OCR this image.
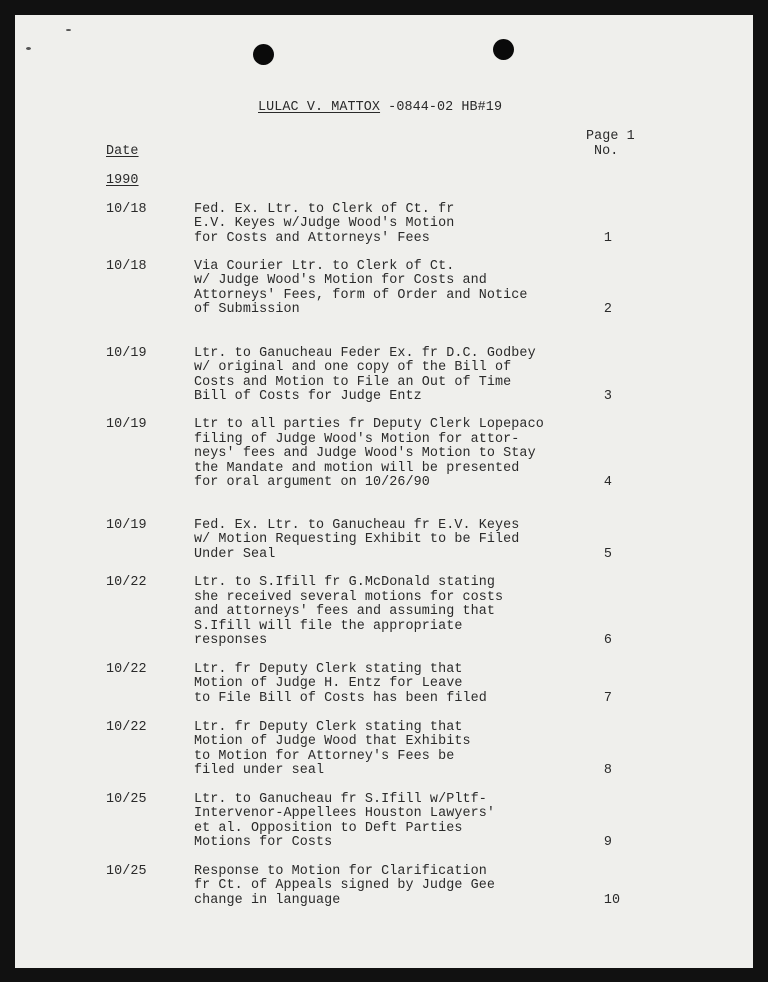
LULAC V. MATTOX -0844-02 HB#19
Page 1
No.
Date
1990
10/18	Fed. Ex. Ltr. to Clerk of Ct. fr
E.V. Keyes w/Judge Wood's Motion
for Costs and Attorneys' Fees	1
10/18	Via Courier Ltr. to Clerk of Ct.
w/ Judge Wood's Motion for Costs and
Attorneys' Fees, form of Order and Notice
of Submission	2
10/19	Ltr. to Ganucheau Feder Ex. fr D.C. Godbey
w/ original and one copy of the Bill of
Costs and Motion to File an Out of Time
Bill of Costs for Judge Entz	3
10/19	Ltr to all parties fr Deputy Clerk Lopepaco
filing of Judge Wood's Motion for attor-
neys' fees and Judge Wood's Motion to Stay
the Mandate and motion will be presented
for oral argument on 10/26/90	4
10/19	Fed. Ex. Ltr. to Ganucheau fr E.V. Keyes
w/ Motion Requesting Exhibit to be Filed
Under Seal	5
10/22	Ltr. to S.Ifill fr G.McDonald stating
she received several motions for costs
and attorneys' fees and assuming that
S.Ifill will file the appropriate
responses	6
10/22	Ltr. fr Deputy Clerk stating that
Motion of Judge H. Entz for Leave
to File Bill of Costs has been filed	7
10/22	Ltr. fr Deputy Clerk stating that
Motion of Judge Wood that Exhibits
to Motion for Attorney's Fees be
filed under seal	8
10/25	Ltr. to Ganucheau fr S.Ifill w/Pltf-
Intervenor-Appellees Houston Lawyers'
et al. Opposition to Deft Parties
Motions for Costs	9
10/25	Response to Motion for Clarification
fr Ct. of Appeals signed by Judge Gee
change in language	10
